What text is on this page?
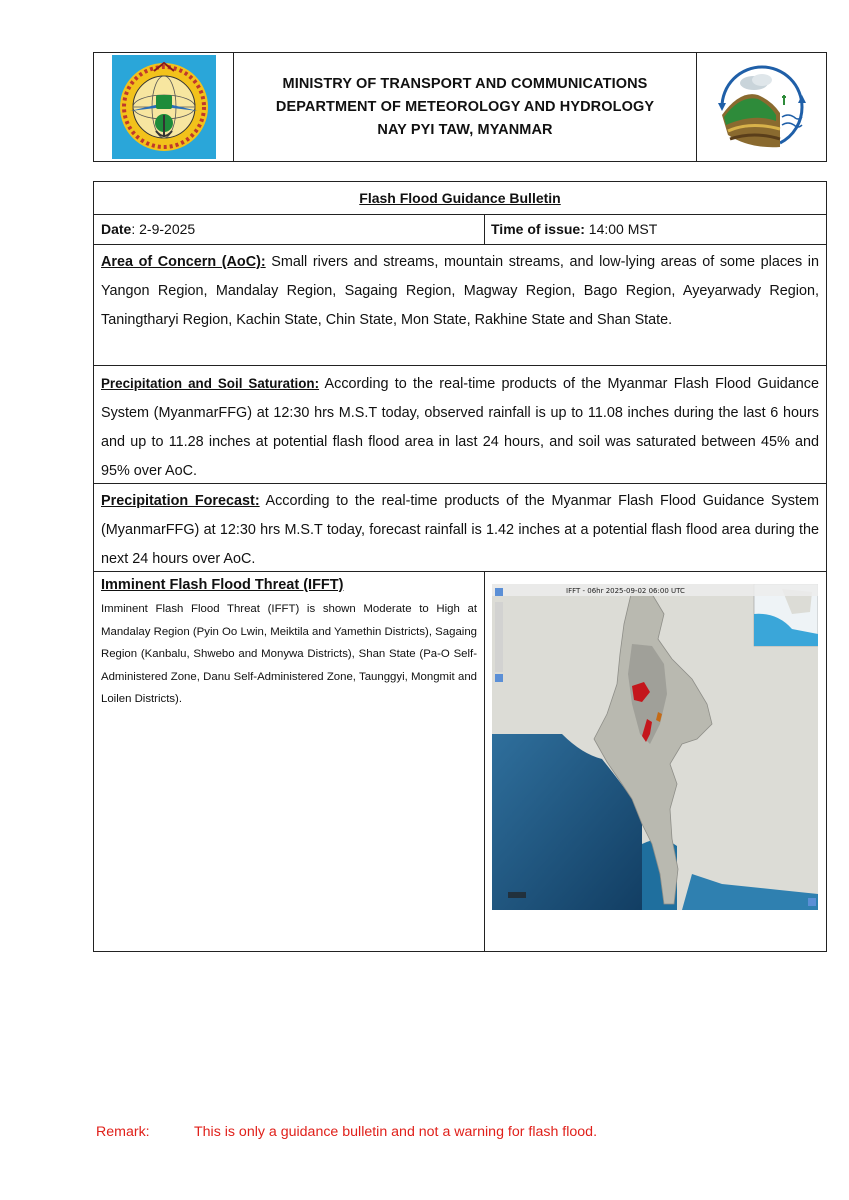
MINISTRY OF TRANSPORT AND COMMUNICATIONS
DEPARTMENT OF METEOROLOGY AND HYDROLOGY
NAY PYI TAW, MYANMAR
Flash Flood Guidance Bulletin
Date: 2-9-2025	Time of issue: 14:00 MST
Area of Concern (AoC): Small rivers and streams, mountain streams, and low-lying areas of some places in Yangon Region, Mandalay Region, Sagaing Region, Magway Region, Bago Region, Ayeyarwady Region, Taningtharyi Region, Kachin State, Chin State, Mon State, Rakhine State and Shan State.
Precipitation and Soil Saturation: According to the real-time products of the Myanmar Flash Flood Guidance System (MyanmarFFG) at 12:30 hrs M.S.T today, observed rainfall is up to 11.08 inches during the last 6 hours and up to 11.28 inches at potential flash flood area in last 24 hours, and soil was saturated between 45% and 95% over AoC.
Precipitation Forecast: According to the real-time products of the Myanmar Flash Flood Guidance System (MyanmarFFG) at 12:30 hrs M.S.T today, forecast rainfall is 1.42 inches at a potential flash flood area during the next 24 hours over AoC.
Imminent Flash Flood Threat (IFFT)
Imminent Flash Flood Threat (IFFT) is shown Moderate to High at Mandalay Region (Pyin Oo Lwin, Meiktila and Yamethin Districts), Sagaing Region (Kanbalu, Shwebo and Monywa Districts), Shan State (Pa-O Self-Administered Zone, Danu Self-Administered Zone, Taunggyi, Mongmit and Loilen Districts).
IFFT - 06hr 2025-09-02 06:00 UTC
Remark:	This is only a guidance bulletin and not a warning for flash flood.
